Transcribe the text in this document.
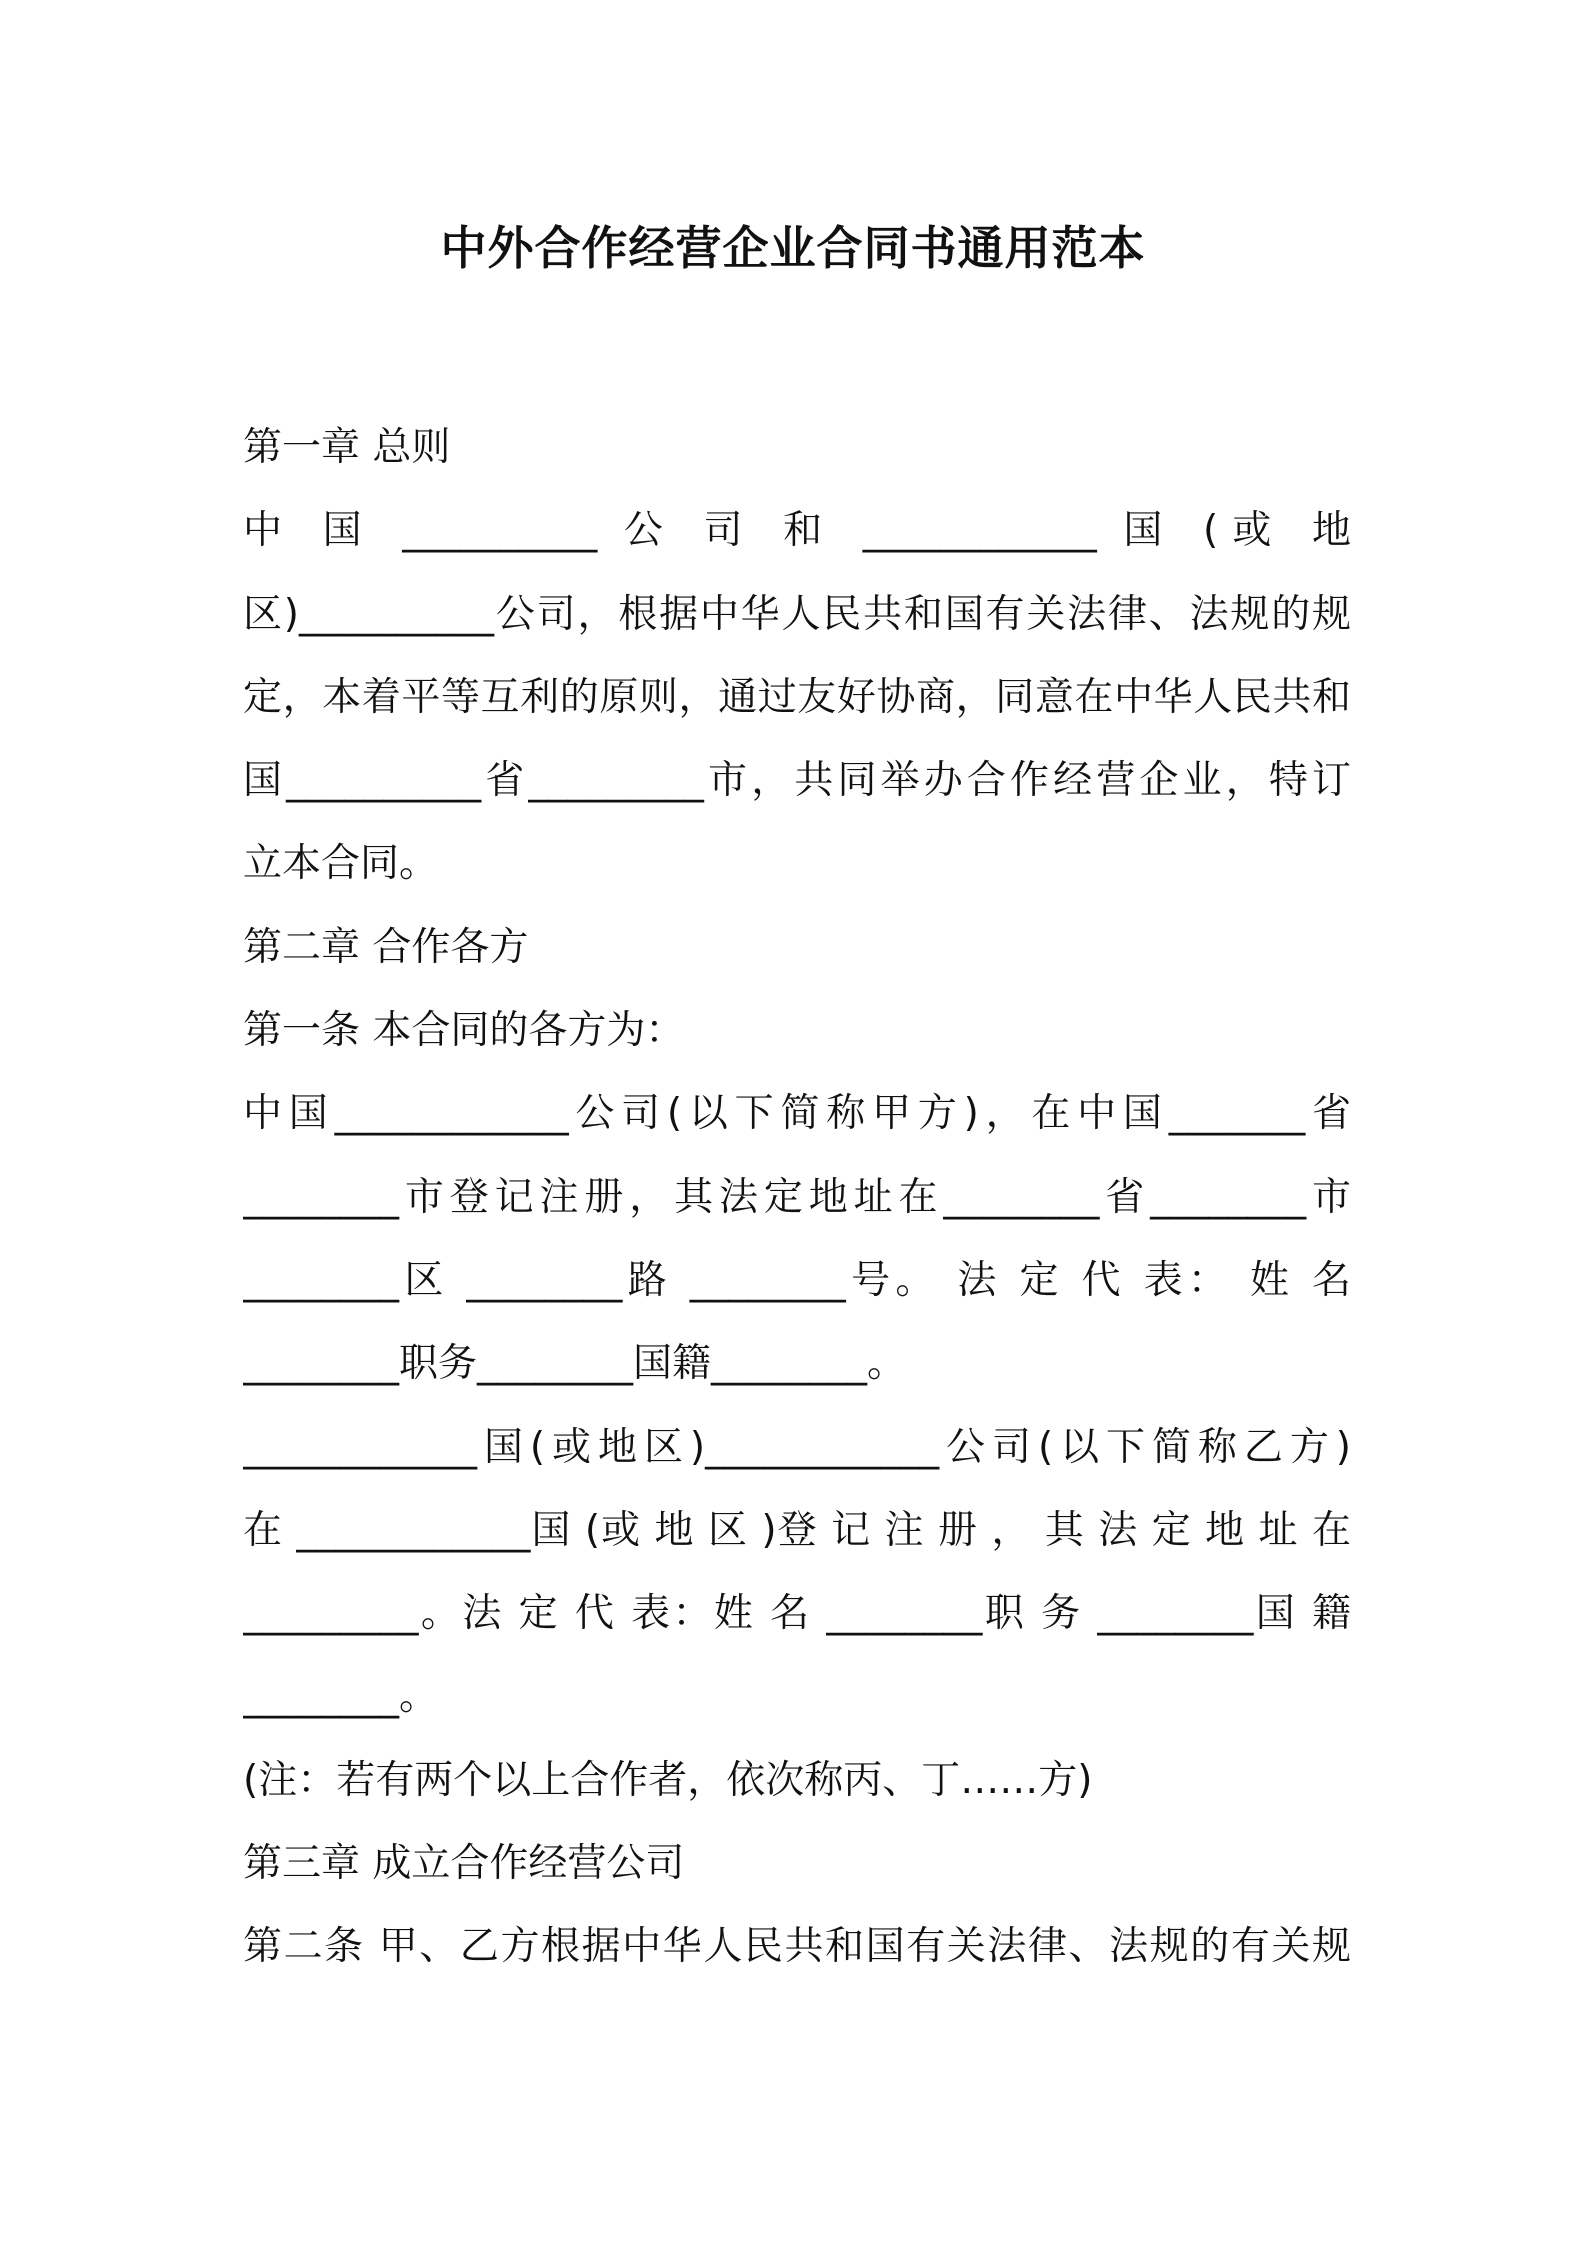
中外合作经营企业合同书通用范本
第一章 总则
中 国 __________ 公 司 和 ____________ 国 (或 地
区)__________公司，根据中华人民共和国有关法律、法规的规
定，本着平等互利的原则，通过友好协商，同意在中华人民共和
国__________省_________市，共同举办合作经营企业，特订
立本合同。
第二章 合作各方
第一条 本合同的各方为：
中国____________公司(以下简称甲方)，在中国_______省
________市登记注册，其法定地址在________省________市
________区 ________路 ________号。 法 定 代 表： 姓 名
________职务________国籍________。
____________国(或地区)____________公司(以下简称乙方)
在 ____________国 (或 地 区 )登 记 注 册 ， 其 法 定 地 址 在
_________。法 定 代 表：姓 名 ________职 务 ________国 籍
________。
(注：若有两个以上合作者，依次称丙、丁……方)
第三章 成立合作经营公司
第二条 甲、乙方根据中华人民共和国有关法律、法规的有关规
